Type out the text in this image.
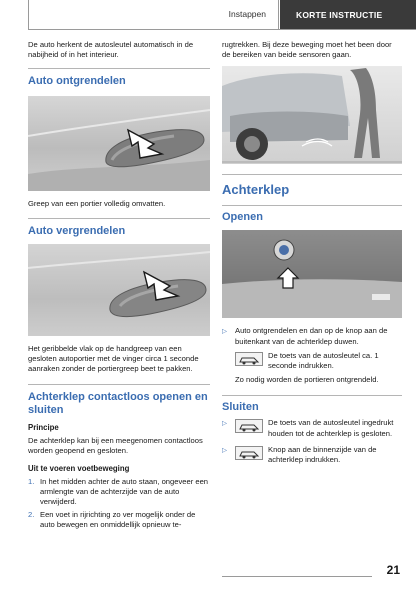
Instappen	KORTE INSTRUCTIE

De auto herkent de autosleutel automatisch in de nabijheid of in het interieur.

Auto ontgrendelen

Greep van een portier volledig omvatten.

Auto vergrendelen

Het geribbelde vlak op de handgreep van een gesloten autoportier met de vinger circa 1 seconde aanraken zonder de portiergreep beet te pakken.

Achterklep contactloos openen en sluiten
Principe

De achterklep kan bij een meegenomen contactloos worden geopend en gesloten.

Uit te voeren voetbeweging
1. In het midden achter de auto staan, ongeveer een armlengte van de achterzijde van de auto verwijderd.
2. Een voet in rijrichting zo ver mogelijk onder de auto bewegen en onmiddellijk opnieuw te-

rugtrekken. Bij deze beweging moet het been door de bereiken van beide sensoren gaan.

Achterklep
Openen
▷ Auto ontgrendelen en dan op de knop aan de buitenkant van de achterklep duwen.

De toets van de autosleutel ca. 1 seconde indrukken.

Zo nodig worden de portieren ontgrendeld.

Sluiten
▷	De toets van de autosleutel ingedrukt houden tot de achterklep is gesloten.

▷	Knop aan de binnenzijde van de achterklep indrukken.

21
